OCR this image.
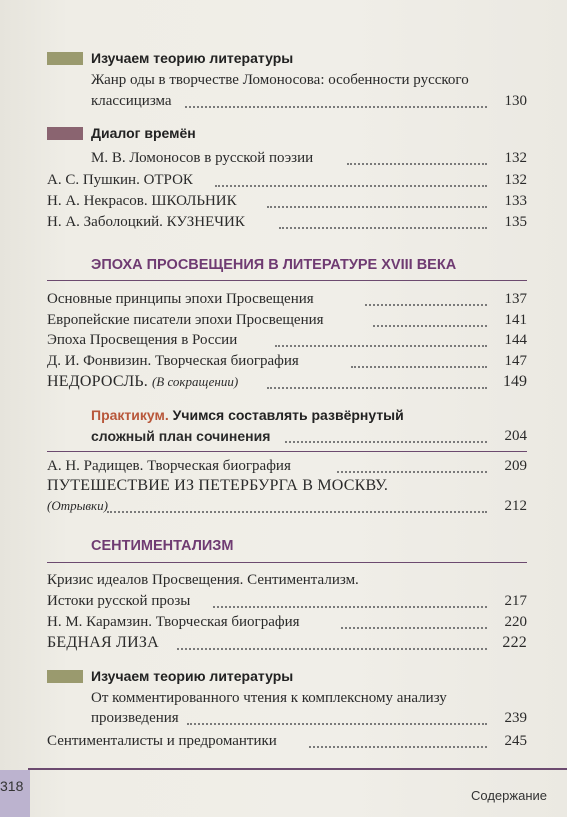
Изучаем теорию литературы
Жанр оды в творчестве Ломоносова: особенности русского
классицизма	130
Диалог времён
М. В. Ломоносов в русской поэзии	132
А. С. Пушкин. ОТРОК	132
Н. А. Некрасов. ШКОЛЬНИК	133
Н. А. Заболоцкий. КУЗНЕЧИК	135
ЭПОХА ПРОСВЕЩЕНИЯ В ЛИТЕРАТУРЕ XVIII ВЕКА
Основные принципы эпохи Просвещения	137
Европейские писатели эпохи Просвещения	141
Эпоха Просвещения в России	144
Д. И. Фонвизин. Творческая биография	147
НЕДОРОСЛЬ. (В сокращении)	149
Практикум. Учимся составлять развёрнутый
сложный план сочинения	204
А. Н. Радищев. Творческая биография	209
ПУТЕШЕСТВИЕ ИЗ ПЕТЕРБУРГА В МОСКВУ.
(Отрывки)	212
СЕНТИМЕНТАЛИЗМ
Кризис идеалов Просвещения. Сентиментализм.
Истоки русской прозы	217
Н. М. Карамзин. Творческая биография	220
БЕДНАЯ ЛИЗА	222
Изучаем теорию литературы
От комментированного чтения к комплексному анализу
произведения	239
Сентименталисты и предромантики	245
318
Содержание
